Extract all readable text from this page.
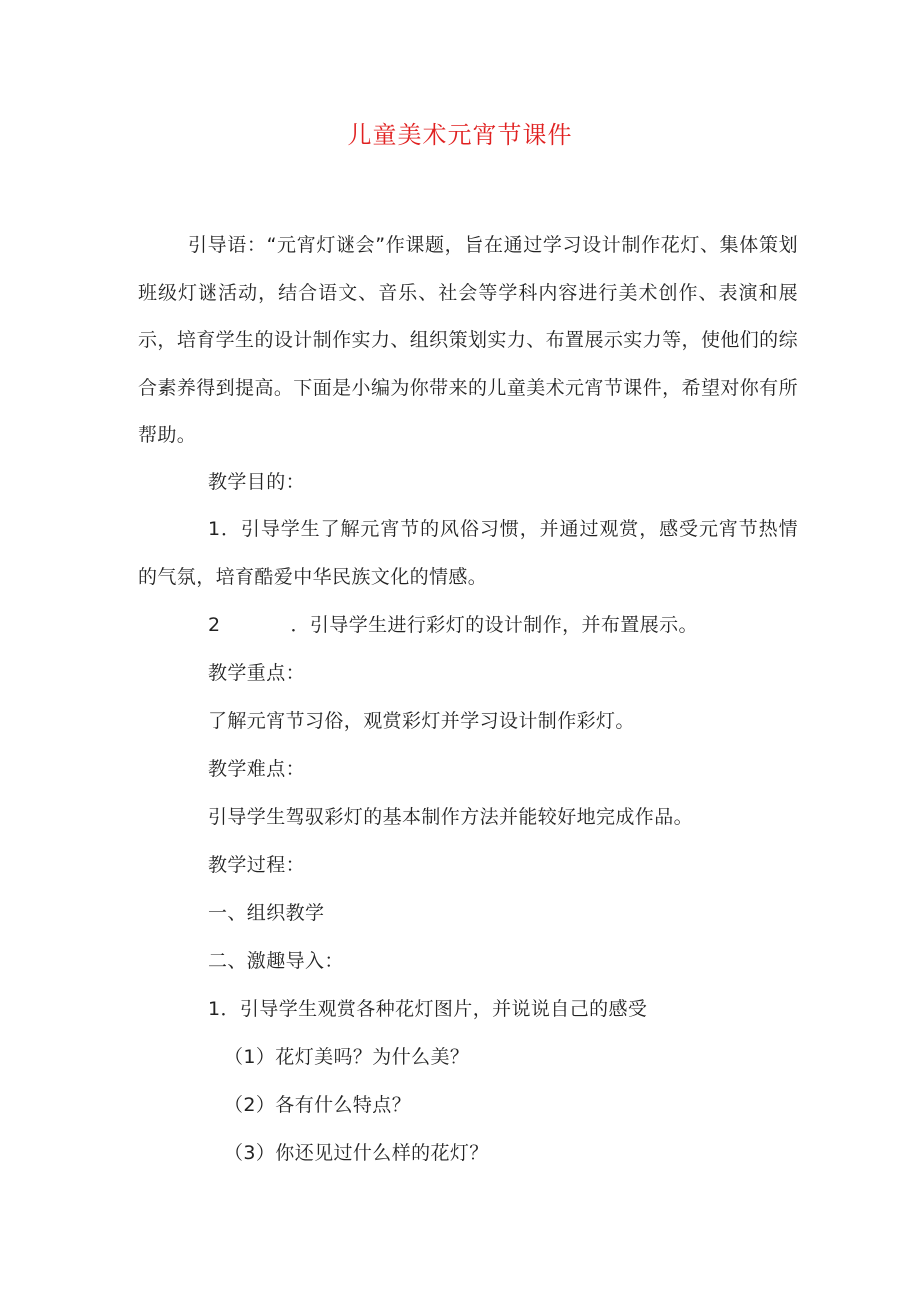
儿童美术元宵节课件
引导语：“元宵灯谜会”作课题，旨在通过学习设计制作花灯、集体策划班级灯谜活动，结合语文、音乐、社会等学科内容进行美术创作、表演和展示，培育学生的设计制作实力、组织策划实力、布置展示实力等，使他们的综合素养得到提高。下面是小编为你带来的儿童美术元宵节课件，希望对你有所帮助。
教学目的：
1．引导学生了解元宵节的风俗习惯，并通过观赏，感受元宵节热情的气氛，培育酷爱中华民族文化的情感。
2	．引导学生进行彩灯的设计制作，并布置展示。
教学重点：
了解元宵节习俗，观赏彩灯并学习设计制作彩灯。
教学难点：
引导学生驾驭彩灯的基本制作方法并能较好地完成作品。
教学过程：
一、组织教学
二、激趣导入：
1．引导学生观赏各种花灯图片，并说说自己的感受
（1）花灯美吗？为什么美？
（2）各有什么特点？
（3）你还见过什么样的花灯？
